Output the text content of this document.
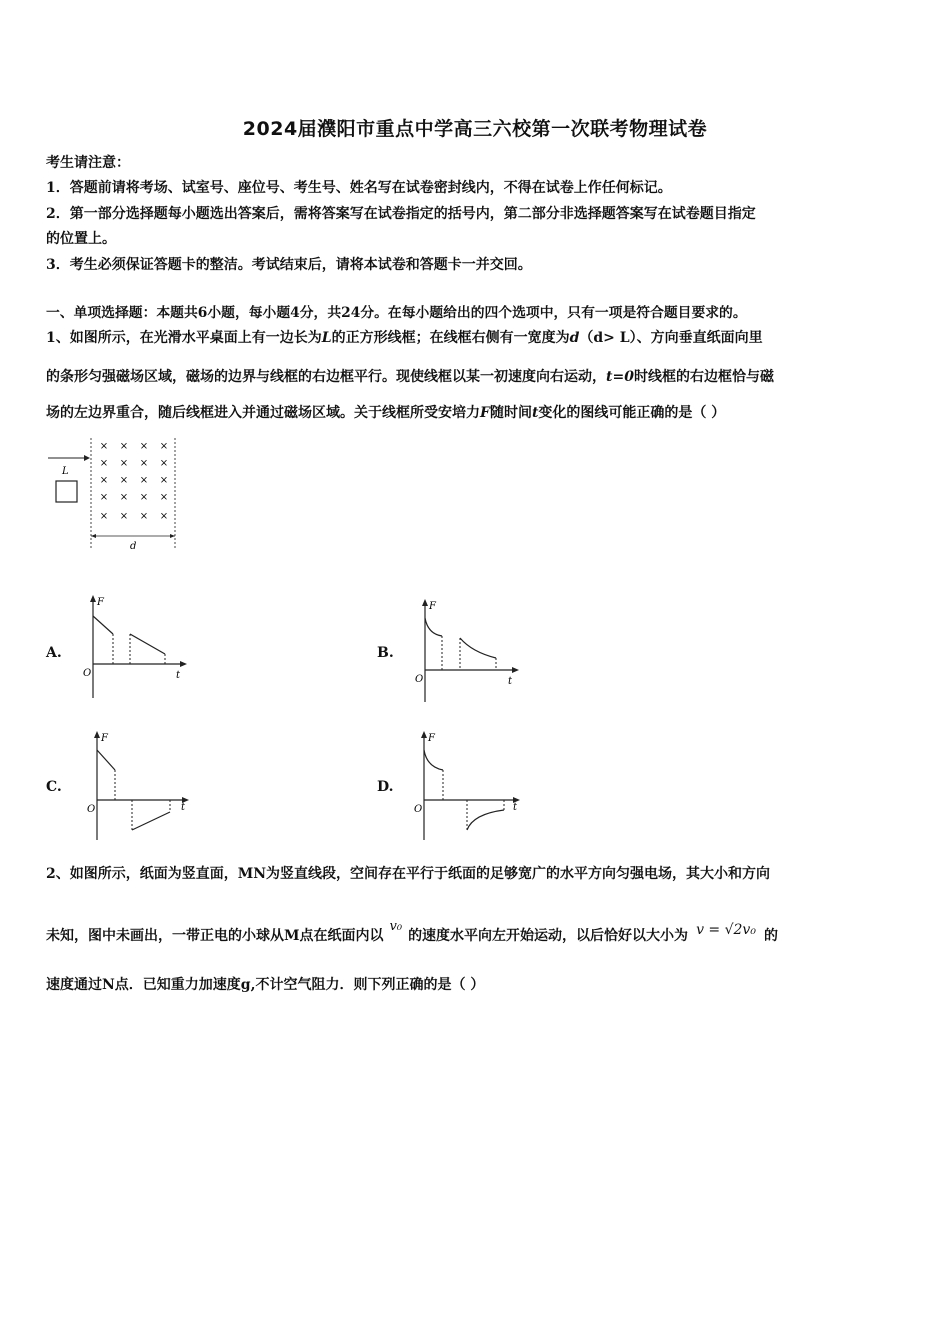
2024届濮阳市重点中学高三六校第一次联考物理试卷
考生请注意：
1．答题前请将考场、试室号、座位号、考生号、姓名写在试卷密封线内，不得在试卷上作任何标记。
2．第一部分选择题每小题选出答案后，需将答案写在试卷指定的括号内，第二部分非选择题答案写在试卷题目指定
的位置上。
3．考生必须保证答题卡的整洁。考试结束后，请将本试卷和答题卡一并交回。
一、单项选择题：本题共6小题，每小题4分，共24分。在每小题给出的四个选项中，只有一项是符合题目要求的。
1、如图所示，在光滑水平桌面上有一边长为L的正方形线框；在线框右侧有一宽度为d（d> L）、方向垂直纸面向里
的条形匀强磁场区域，磁场的边界与线框的右边框平行。现使线框以某一初速度向右运动，t=0时线框的右边框恰与磁
场的左边界重合，随后线框进入并通过磁场区域。关于线框所受安培力F随时间t变化的图线可能正确的是（ ）
L
× × × ×
× × × ×
× × × ×
× × × ×
× × × ×
d
A.
F
O	t
B.
F
O	t
C.
F
O	t
D.
F
O	t
2、如图所示，纸面为竖直面，MN为竖直线段，空间存在平行于纸面的足够宽广的水平方向匀强电场，其大小和方向
未知，图中未画出，一带正电的小球从M点在纸面内以v₀的速度水平向左开始运动，以后恰好以大小为 v = √2v₀ 的
速度通过N点．已知重力加速度g,不计空气阻力．则下列正确的是（ ）
